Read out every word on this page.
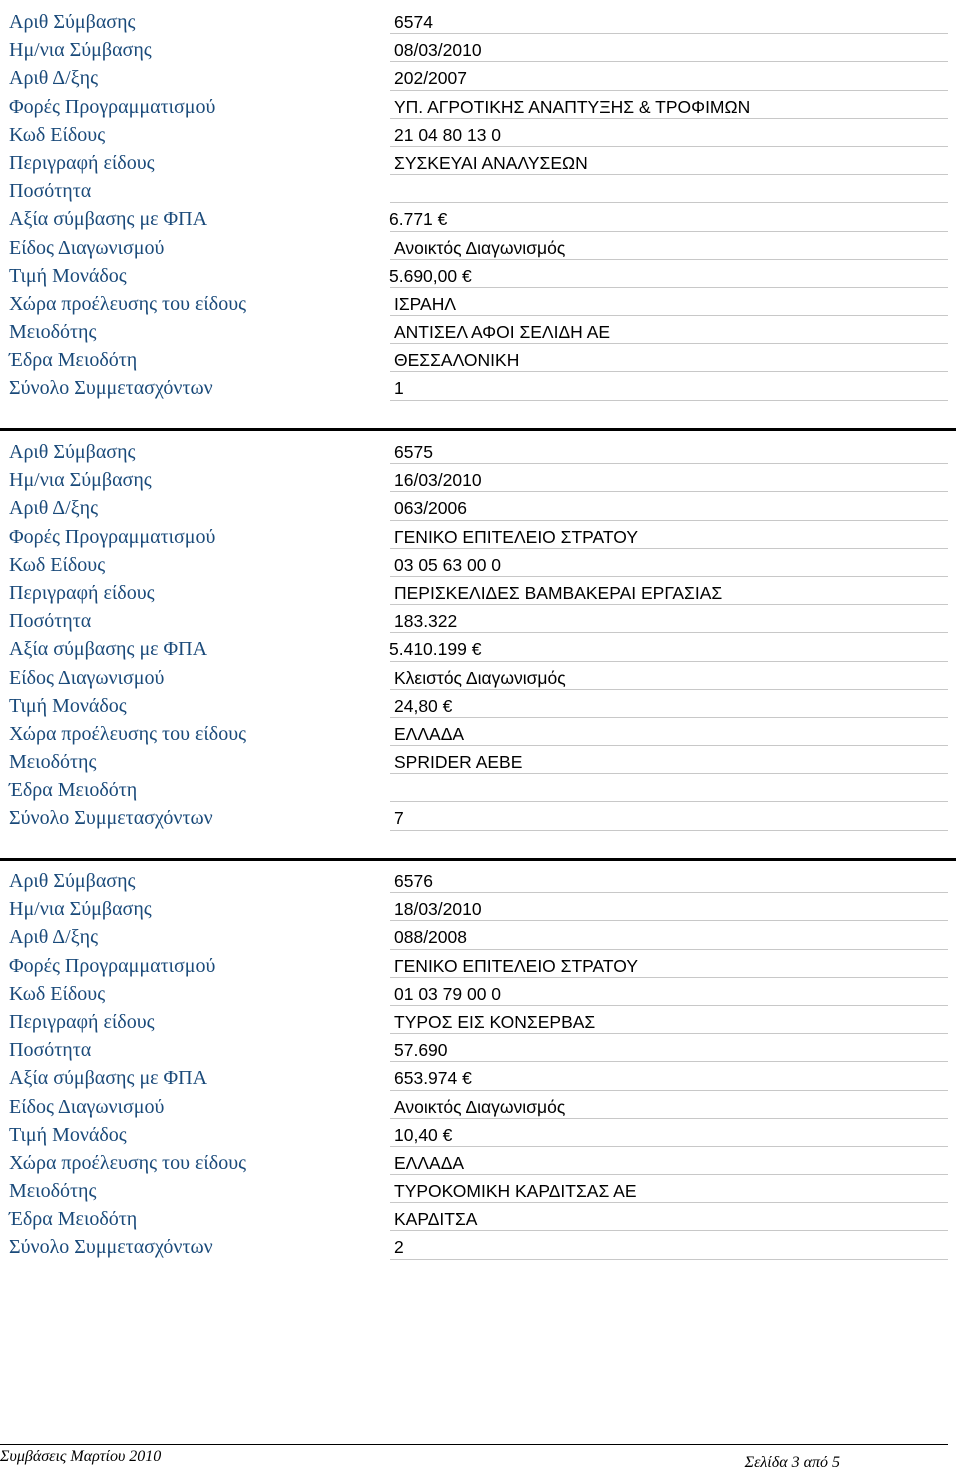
Αριθ Σύμβασης	6574
Ημ/νια Σύμβασης	08/03/2010
Αριθ Δ/ξης	202/2007
Φορές Προγραμματισμού	ΥΠ. ΑΓΡΟΤΙΚΗΣ ΑΝΑΠΤΥΞΗΣ & ΤΡΟΦΙΜΩΝ
Κωδ Είδους	21 04 80 13 0
Περιγραφή είδους	ΣΥΣΚΕΥΑΙ ΑΝΑΛΥΣΕΩΝ
Ποσότητα
Αξία σύμβασης με ΦΠΑ	6.771 €
Είδος Διαγωνισμού	Ανοικτός Διαγωνισμός
Τιμή Μονάδος	5.690,00 €
Χώρα προέλευσης του είδους	ΙΣΡΑΗΛ
Μειοδότης	ΑΝΤΙΣΕΛ ΑΦΟΙ ΣΕΛΙΔΗ ΑΕ
Έδρα Μειοδότη	ΘΕΣΣΑΛΟΝΙΚΗ
Σύνολο Συμμετασχόντων	1
Αριθ Σύμβασης	6575
Ημ/νια Σύμβασης	16/03/2010
Αριθ Δ/ξης	063/2006
Φορές Προγραμματισμού	ΓΕΝΙΚΟ ΕΠΙΤΕΛΕΙΟ ΣΤΡΑΤΟΥ
Κωδ Είδους	03 05 63 00 0
Περιγραφή είδους	ΠΕΡΙΣΚΕΛΙΔΕΣ ΒΑΜΒΑΚΕΡΑΙ ΕΡΓΑΣΙΑΣ
Ποσότητα	183.322
Αξία σύμβασης με ΦΠΑ	5.410.199 €
Είδος Διαγωνισμού	Κλειστός Διαγωνισμός
Τιμή Μονάδος	24,80 €
Χώρα προέλευσης του είδους	ΕΛΛΑΔΑ
Μειοδότης	SPRIDER AEBE
Έδρα Μειοδότη
Σύνολο Συμμετασχόντων	7
Αριθ Σύμβασης	6576
Ημ/νια Σύμβασης	18/03/2010
Αριθ Δ/ξης	088/2008
Φορές Προγραμματισμού	ΓΕΝΙΚΟ ΕΠΙΤΕΛΕΙΟ ΣΤΡΑΤΟΥ
Κωδ Είδους	01 03 79 00 0
Περιγραφή είδους	ΤΥΡΟΣ ΕΙΣ ΚΟΝΣΕΡΒΑΣ
Ποσότητα	57.690
Αξία σύμβασης με ΦΠΑ	653.974 €
Είδος Διαγωνισμού	Ανοικτός Διαγωνισμός
Τιμή Μονάδος	10,40 €
Χώρα προέλευσης του είδους	ΕΛΛΑΔΑ
Μειοδότης	ΤΥΡΟΚΟΜΙΚΗ ΚΑΡΔΙΤΣΑΣ ΑΕ
Έδρα Μειοδότη	ΚΑΡΔΙΤΣΑ
Σύνολο Συμμετασχόντων	2
Συμβάσεις Μαρτίου 2010	Σελίδα 3 από 5
